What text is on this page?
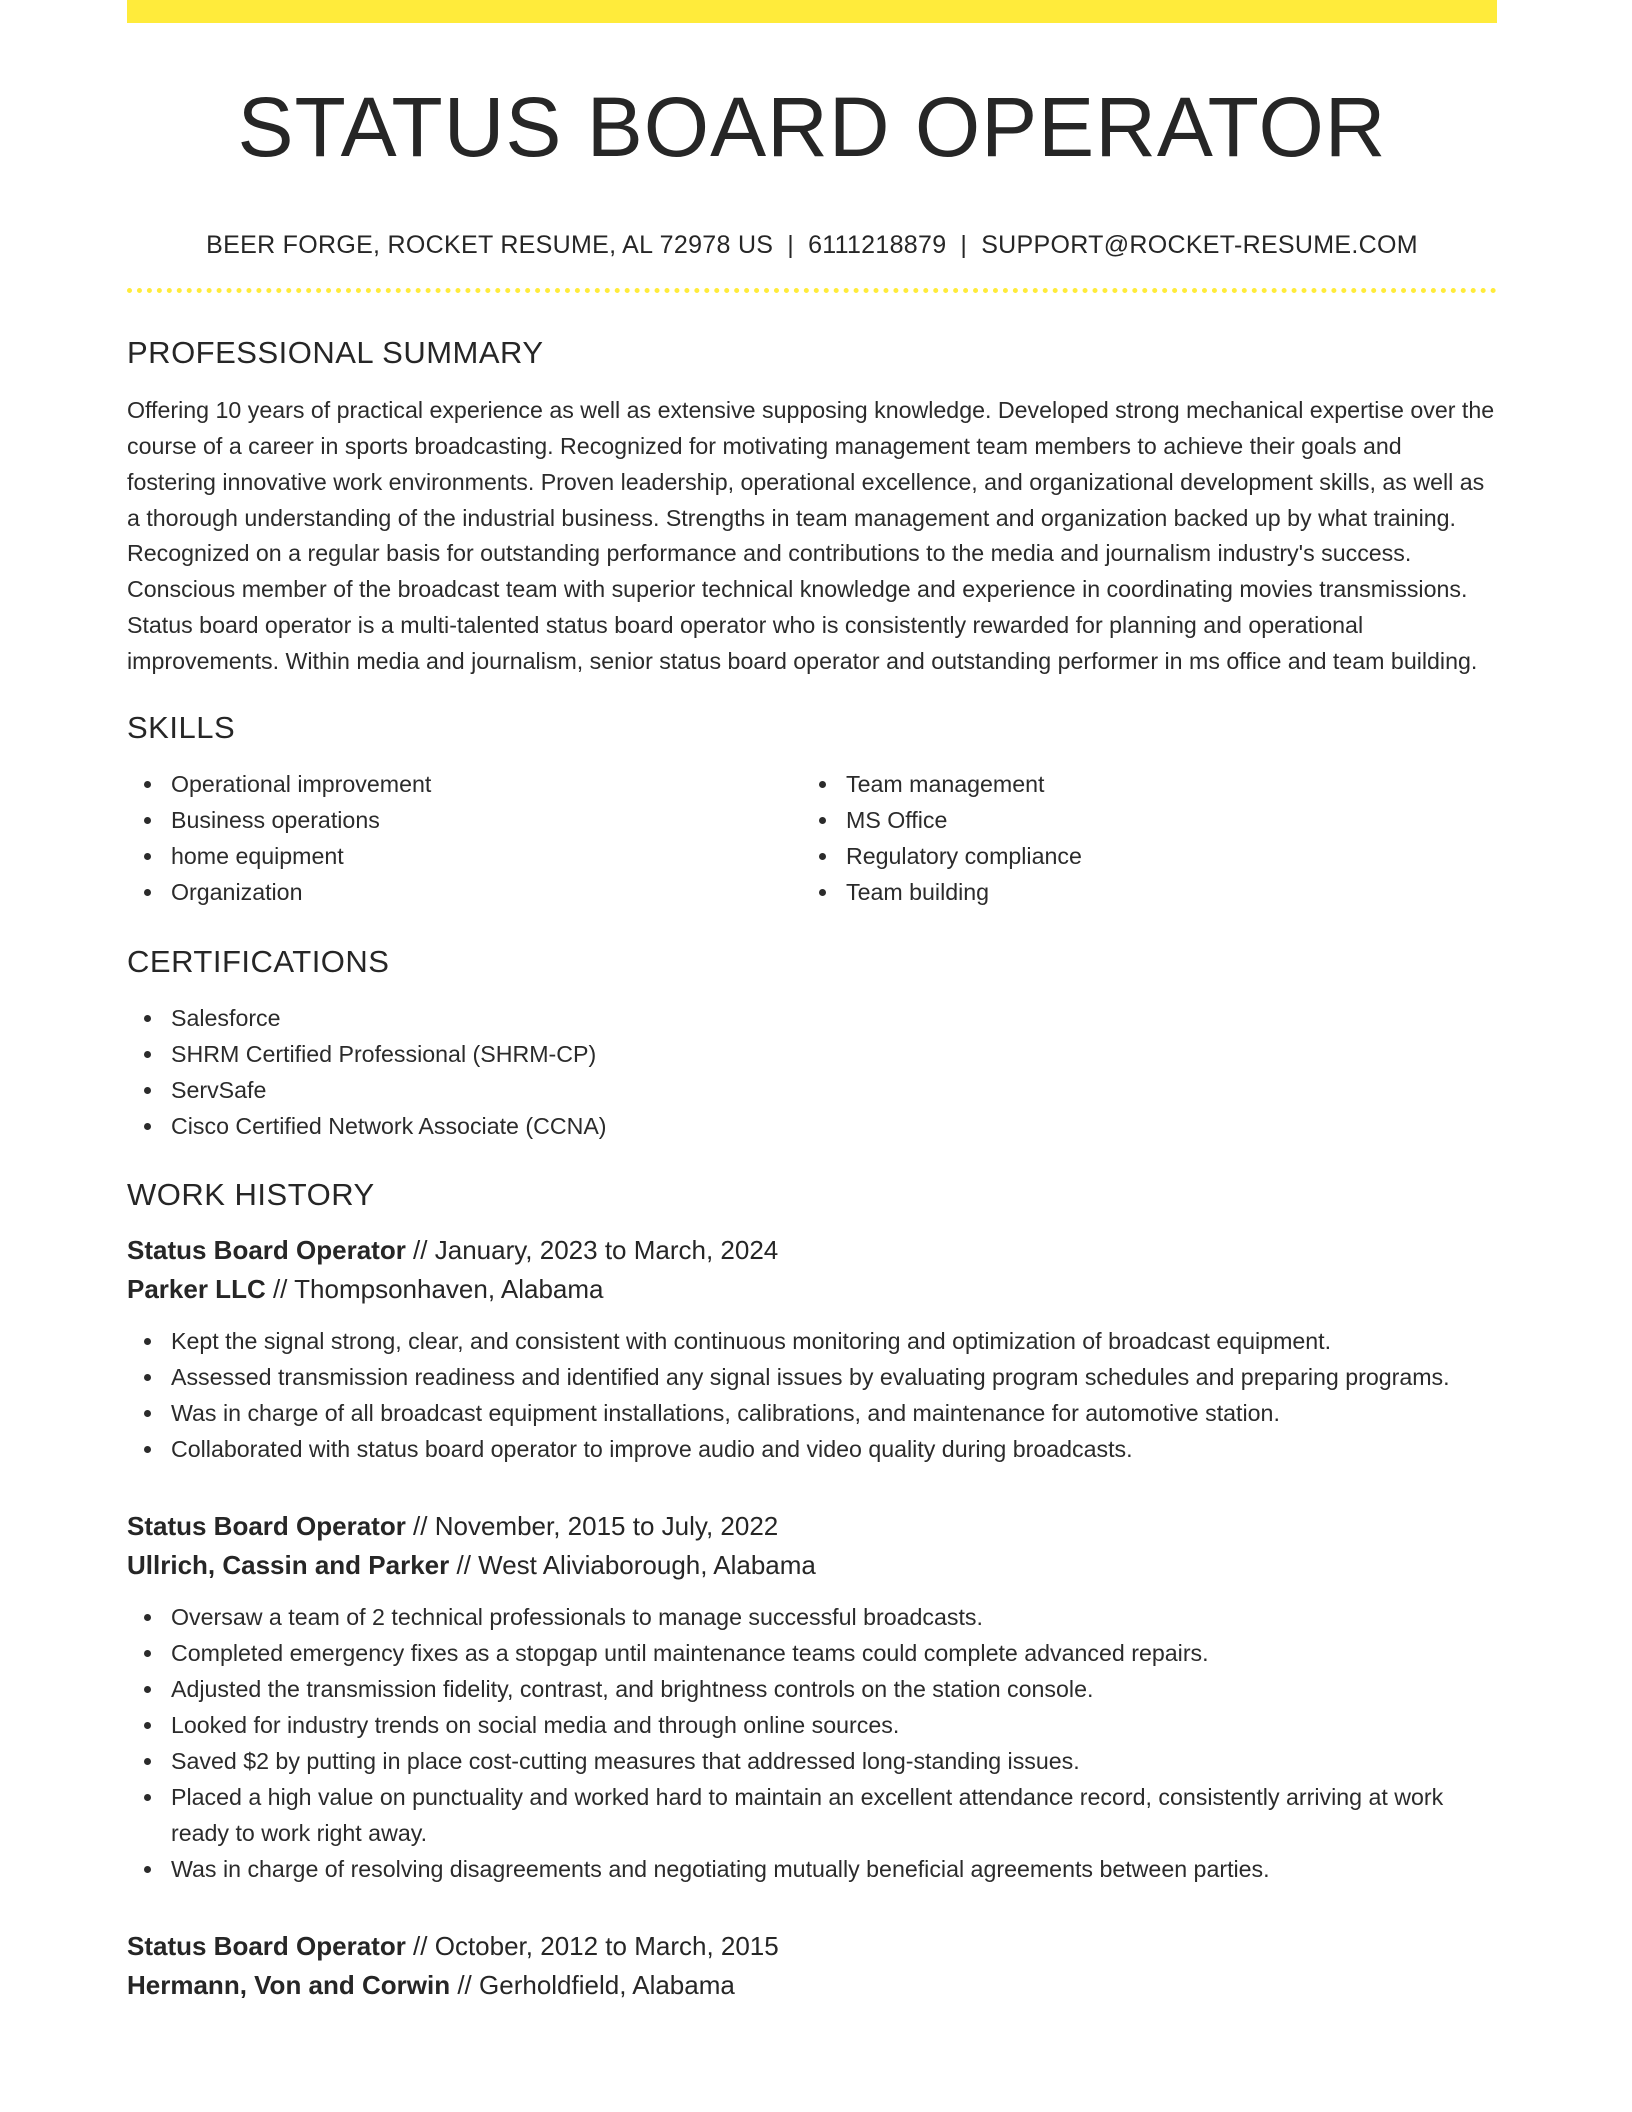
STATUS BOARD OPERATOR
BEER FORGE, ROCKET RESUME, AL 72978 US | 6111218879 | SUPPORT@ROCKET-RESUME.COM
PROFESSIONAL SUMMARY

Offering 10 years of practical experience as well as extensive supposing knowledge. Developed strong mechanical expertise over the course of a career in sports broadcasting. Recognized for motivating management team members to achieve their goals and fostering innovative work environments. Proven leadership, operational excellence, and organizational development skills, as well as a thorough understanding of the industrial business. Strengths in team management and organization backed up by what training. Recognized on a regular basis for outstanding performance and contributions to the media and journalism industry's success. Conscious member of the broadcast team with superior technical knowledge and experience in coordinating movies transmissions. Status board operator is a multi-talented status board operator who is consistently rewarded for planning and operational improvements. Within media and journalism, senior status board operator and outstanding performer in ms office and team building.

SKILLS
Operational improvement
Business operations
home equipment
Organization
Team management
MS Office
Regulatory compliance
Team building
CERTIFICATIONS
Salesforce
SHRM Certified Professional (SHRM-CP)
ServSafe
Cisco Certified Network Associate (CCNA)
WORK HISTORY
Status Board Operator // January, 2023 to March, 2024
Parker LLC // Thompsonhaven, Alabama
Kept the signal strong, clear, and consistent with continuous monitoring and optimization of broadcast equipment.
Assessed transmission readiness and identified any signal issues by evaluating program schedules and preparing programs.
Was in charge of all broadcast equipment installations, calibrations, and maintenance for automotive station.
Collaborated with status board operator to improve audio and video quality during broadcasts.
Status Board Operator // November, 2015 to July, 2022
Ullrich, Cassin and Parker // West Aliviaborough, Alabama
Oversaw a team of 2 technical professionals to manage successful broadcasts.
Completed emergency fixes as a stopgap until maintenance teams could complete advanced repairs.
Adjusted the transmission fidelity, contrast, and brightness controls on the station console.
Looked for industry trends on social media and through online sources.
Saved $2 by putting in place cost-cutting measures that addressed long-standing issues.
Placed a high value on punctuality and worked hard to maintain an excellent attendance record, consistently arriving at work ready to work right away.
Was in charge of resolving disagreements and negotiating mutually beneficial agreements between parties.
Status Board Operator // October, 2012 to March, 2015
Hermann, Von and Corwin // Gerholdfield, Alabama
